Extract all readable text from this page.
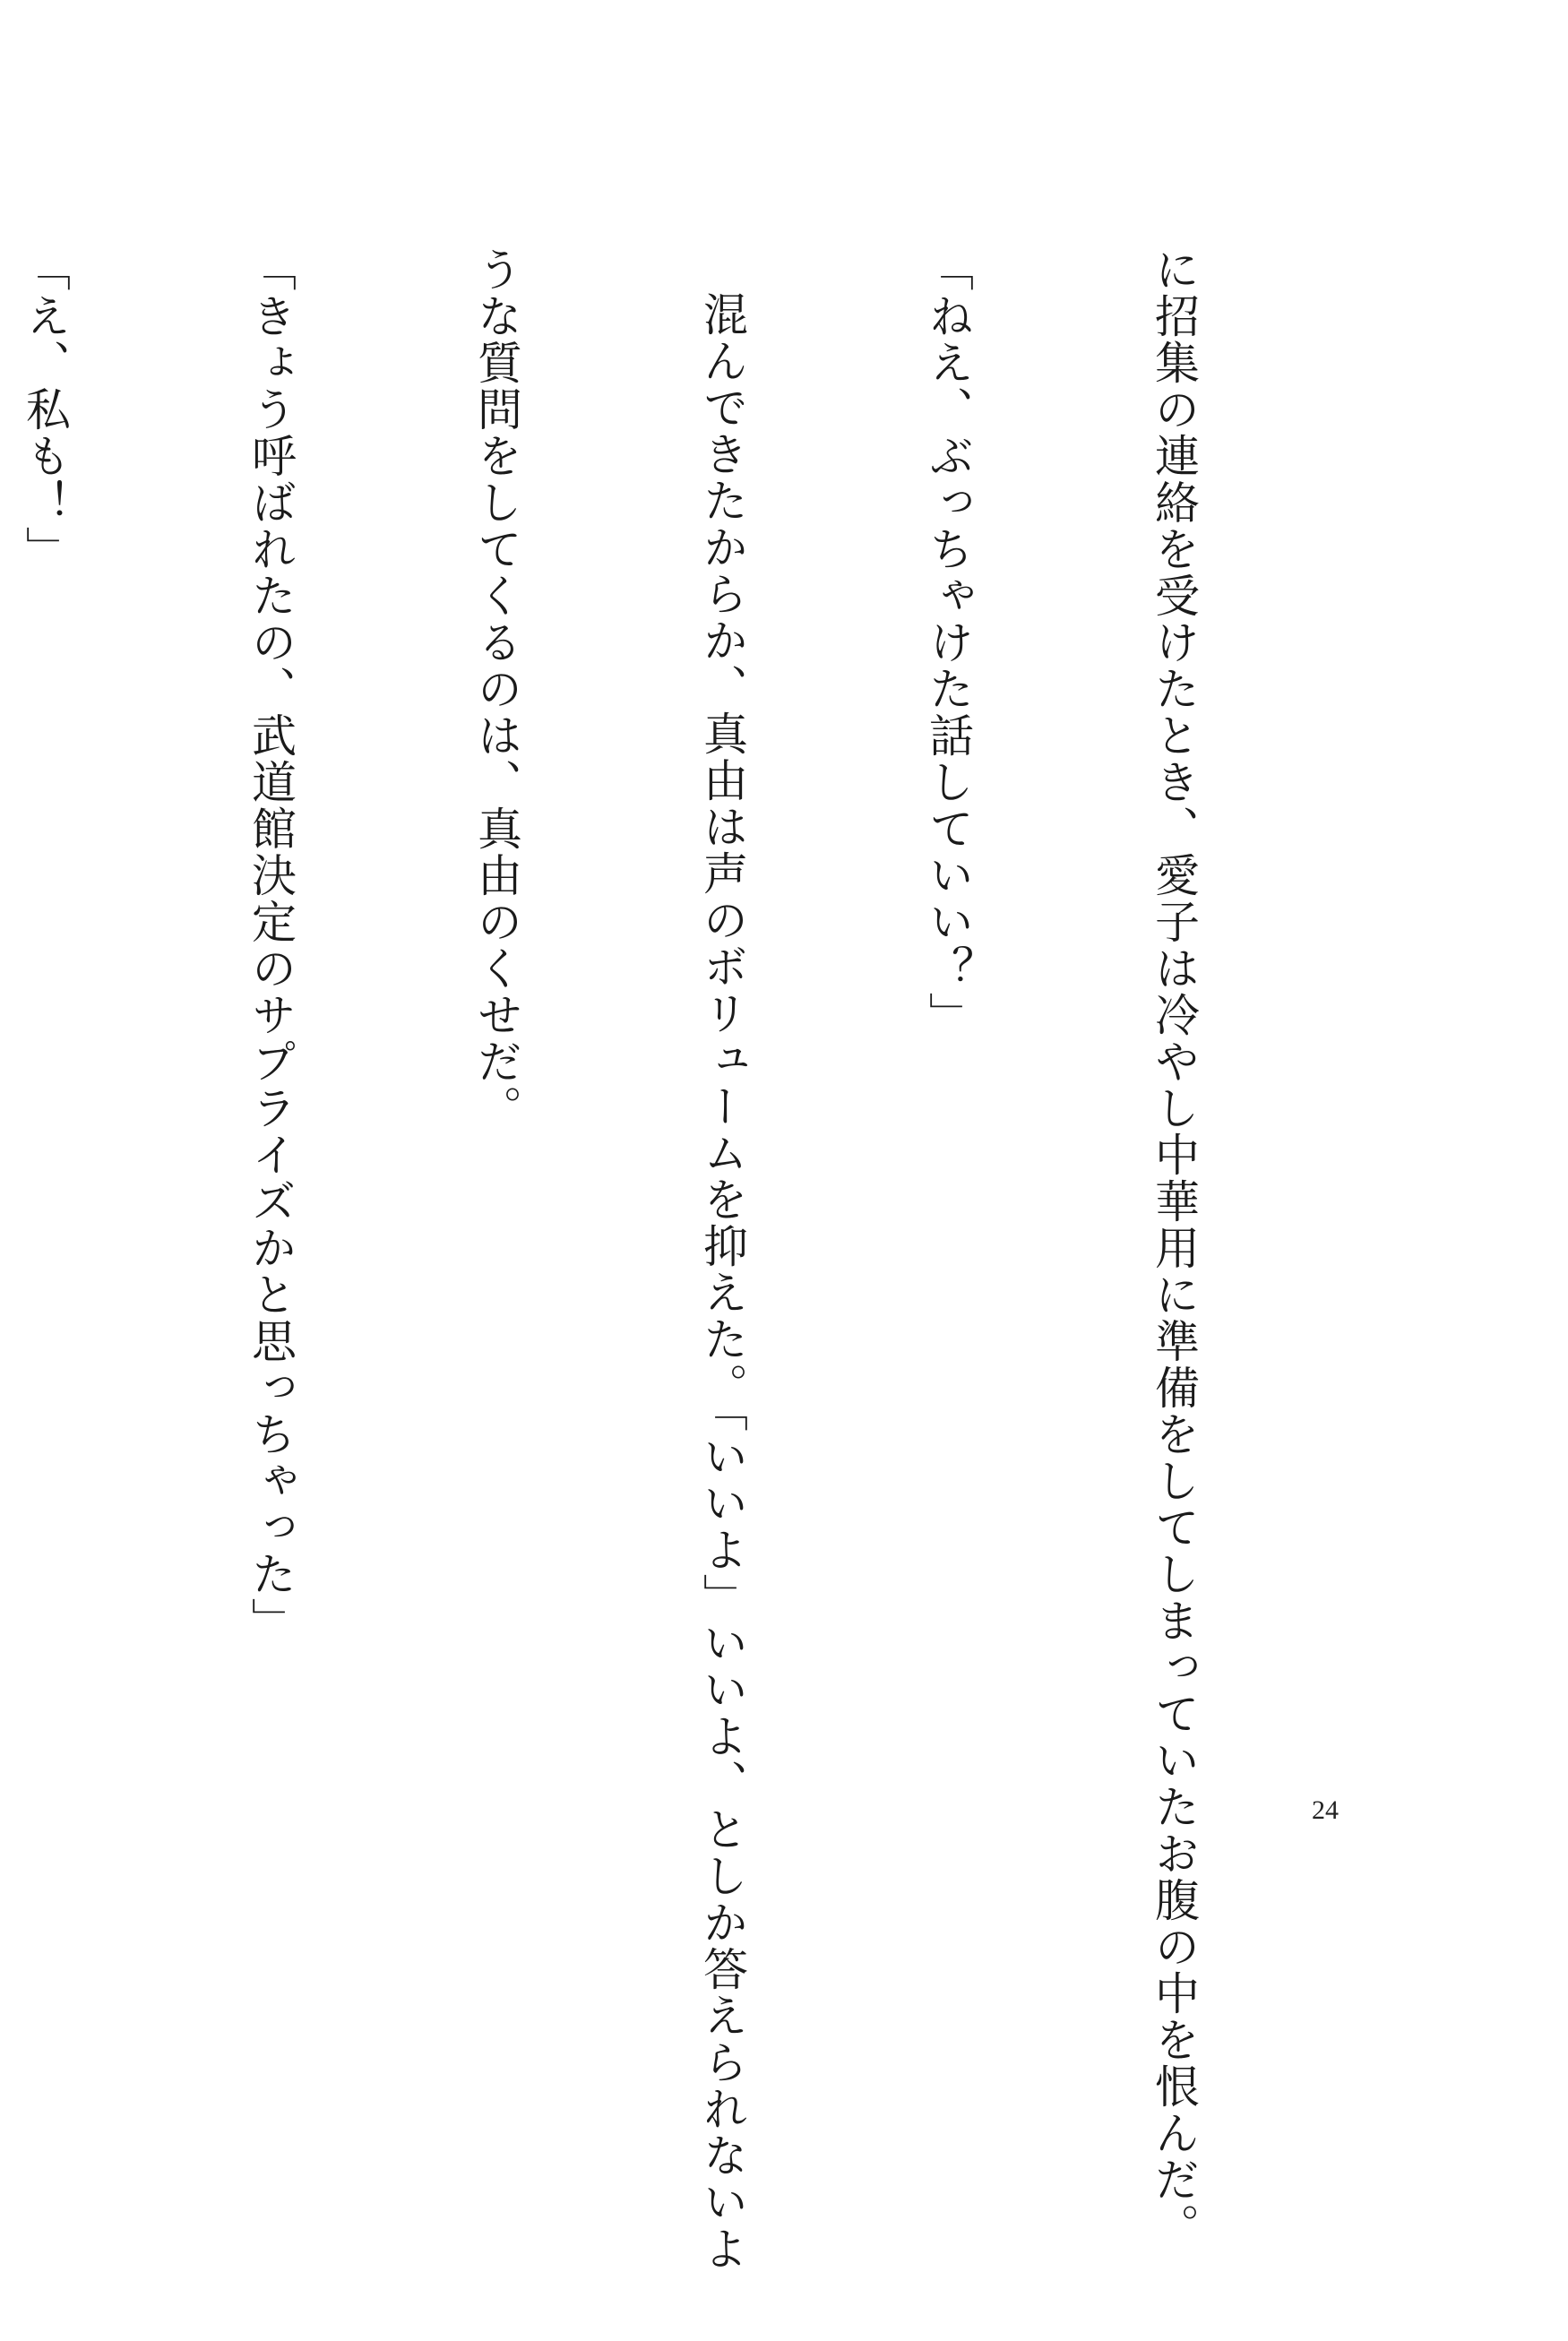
に招集の連絡を受けたとき、愛子は冷やし中華用に準備をしてしまっていたお腹の中を恨んだ。

「ねえ、ぶっちゃけた話していい？」

混んできたからか、真由は声のボリュームを抑えた。「いいよ」いいよ、としか答えられないよ

うな質問をしてくるのは、真由のくせだ。

「きょう呼ばれたの、武道館決定のサプライズかと思っちゃった」

「え、私も！」

24
